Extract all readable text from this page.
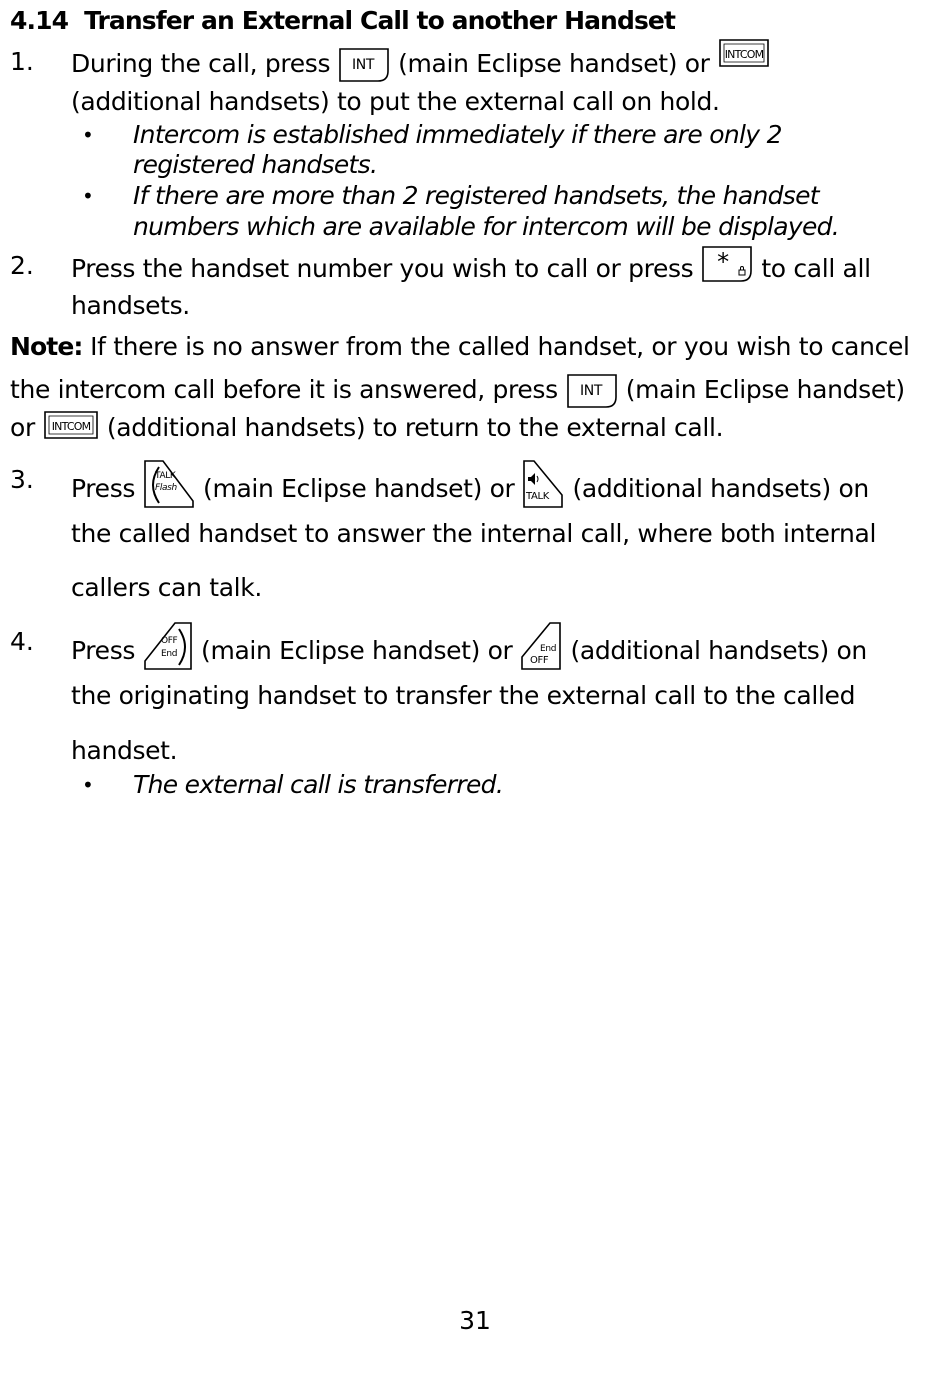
4.14 Transfer an External Call to another Handset
1. During the call, press INT (main Eclipse handset) or INTCOM
(additional handsets) to put the external call on hold.
• Intercom is established immediately if there are only 2
registered handsets.
• If there are more than 2 registered handsets, the handset
numbers which are available for intercom will be displayed.
2. Press the handset number you wish to call or press * to call all
handsets.
Note: If there is no answer from the called handset, or you wish to cancel
the intercom call before it is answered, press INT (main Eclipse handset)
or INTCOM (additional handsets) to return to the external call.
3. Press TALK
Flash (main Eclipse handset) or TALK (additional handsets) on
the called handset to answer the internal call, where both internal
callers can talk.
4. Press	OFF
End (main Eclipse handset) or	End
OFF (additional handsets) on
the originating handset to transfer the external call to the called
handset.
• The external call is transferred.
31
